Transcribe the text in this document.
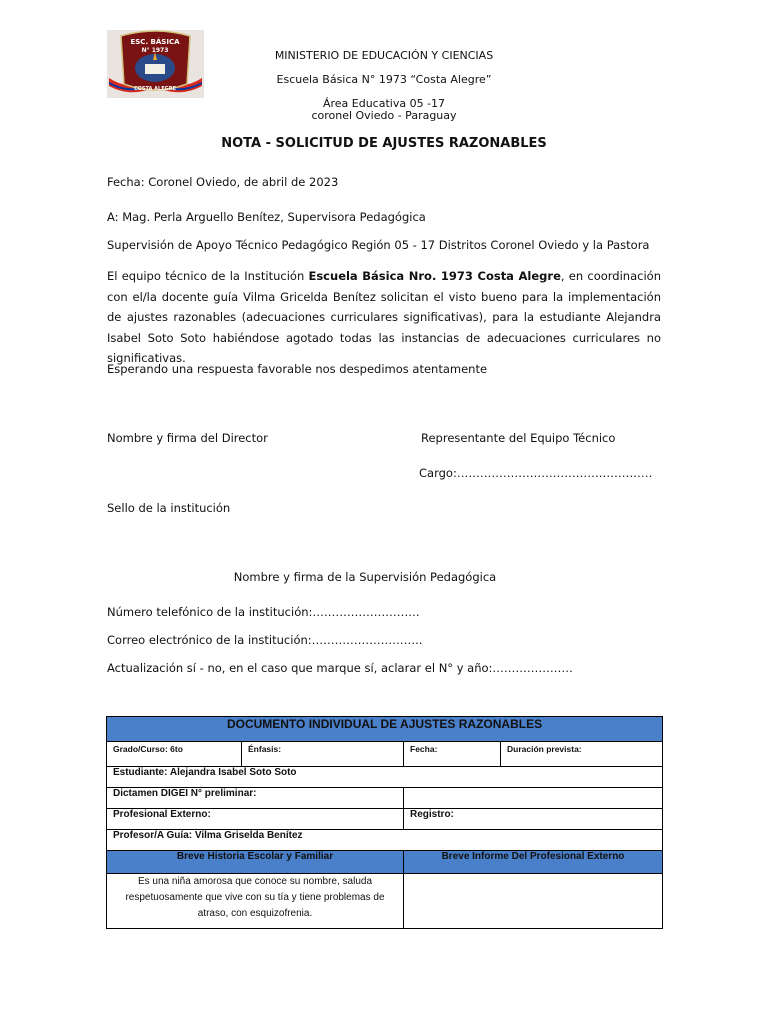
ESC. BÁSICA
N° 1973
COSTA ALEGRE
MINISTERIO DE EDUCACIÓN Y CIENCIAS
Escuela Básica N° 1973 “Costa Alegre”
Área Educativa 05 -17
coronel Oviedo - Paraguay
NOTA - SOLICITUD DE AJUSTES RAZONABLES
Fecha: Coronel Oviedo, de abril de 2023
A: Mag. Perla Arguello Benítez, Supervisora Pedagógica
Supervisión de Apoyo Técnico Pedagógico Región 05 - 17 Distritos Coronel Oviedo y la Pastora
El equipo técnico de la Institución Escuela Básica Nro. 1973 Costa Alegre, en coordinación con el/la docente guía Vilma Gricelda Benítez solicitan el visto bueno para la implementación de ajustes razonables (adecuaciones curriculares significativas), para la estudiante Alejandra Isabel Soto Soto habiéndose agotado todas las instancias de adecuaciones curriculares no significativas.
Esperando una respuesta favorable nos despedimos atentamente
Nombre y firma del Director	Representante del Equipo Técnico
Cargo:……………………………………………
Sello de la institución
Nombre y firma de la Supervisión Pedagógica
Número telefónico de la institución:……………………….
Correo electrónico de la institución:………………………..
Actualización sí - no, en el caso que marque sí, aclarar el N° y año:…………………
DOCUMENTO INDIVIDUAL DE AJUSTES RAZONABLES			
Grado/Curso: 6to	Énfasis:	Fecha:	Duración prevista:
Estudiante: Alejandra Isabel Soto Soto			
Dictamen DIGEI N° preliminar:			
Profesional Externo:		Registro:	
Profesor/A Guía: Vilma Griselda Benítez			
Breve Historia Escolar y Familiar		Breve Informe Del Profesional Externo	
Es una niña amorosa que conoce su nombre, saluda respetuosamente que vive con su tía y tiene problemas de atraso, con esquizofrenia.			
